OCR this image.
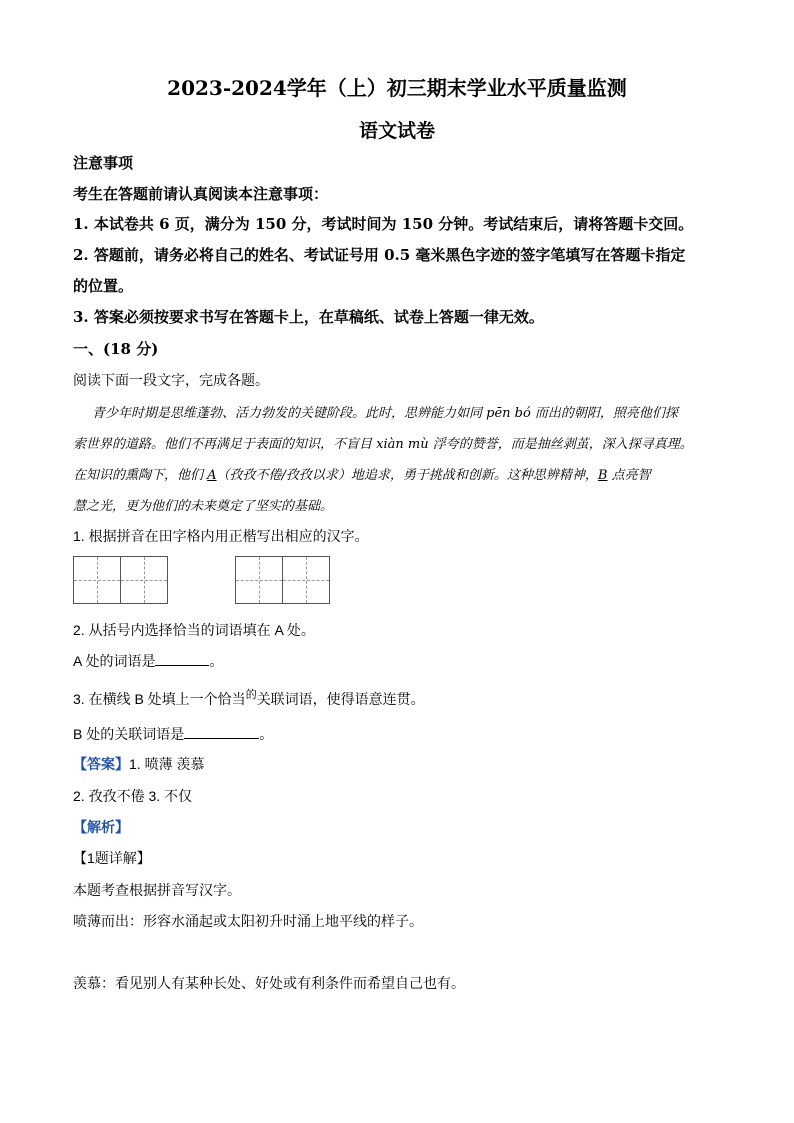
2023-2024学年（上）初三期末学业水平质量监测
语文试卷
注意事项
考生在答题前请认真阅读本注意事项：
1. 本试卷共 6 页，满分为 150 分，考试时间为 150 分钟。考试结束后，请将答题卡交回。
2. 答题前，请务必将自己的姓名、考试证号用 0.5 毫米黑色字迹的签字笔填写在答题卡指定
的位置。
3. 答案必须按要求书写在答题卡上，在草稿纸、试卷上答题一律无效。
一、(18 分)
阅读下面一段文字，完成各题。
青少年时期是思维蓬勃、活力勃发的关键阶段。此时，思辨能力如同 pēn bó 而出的朝阳，照亮他们探
索世界的道路。他们不再满足于表面的知识，不盲目 xiàn mù 浮夸的赞誉，而是抽丝剥茧，深入探寻真理。
在知识的熏陶下，他们 A（孜孜不倦/孜孜以求）地追求，勇于挑战和创新。这种思辨精神，B 点亮智
慧之光，更为他们的未来奠定了坚实的基础。
1. 根据拼音在田字格内用正楷写出相应的汉字。
2. 从括号内选择恰当的词语填在 A 处。
A 处的词语是	。
3. 在横线 B 处填上一个恰当$^的$关联词语，使得语意连贯。
B 处的关联词语是	。
【答案】1. 喷薄 羡慕
2. 孜孜不倦 3. 不仅
【解析】
【1题详解】
本题考查根据拼音写汉字。
喷薄而出：形容水涌起或太阳初升时涌上地平线的样子。
羡慕：看见别人有某种长处、好处或有利条件而希望自己也有。
